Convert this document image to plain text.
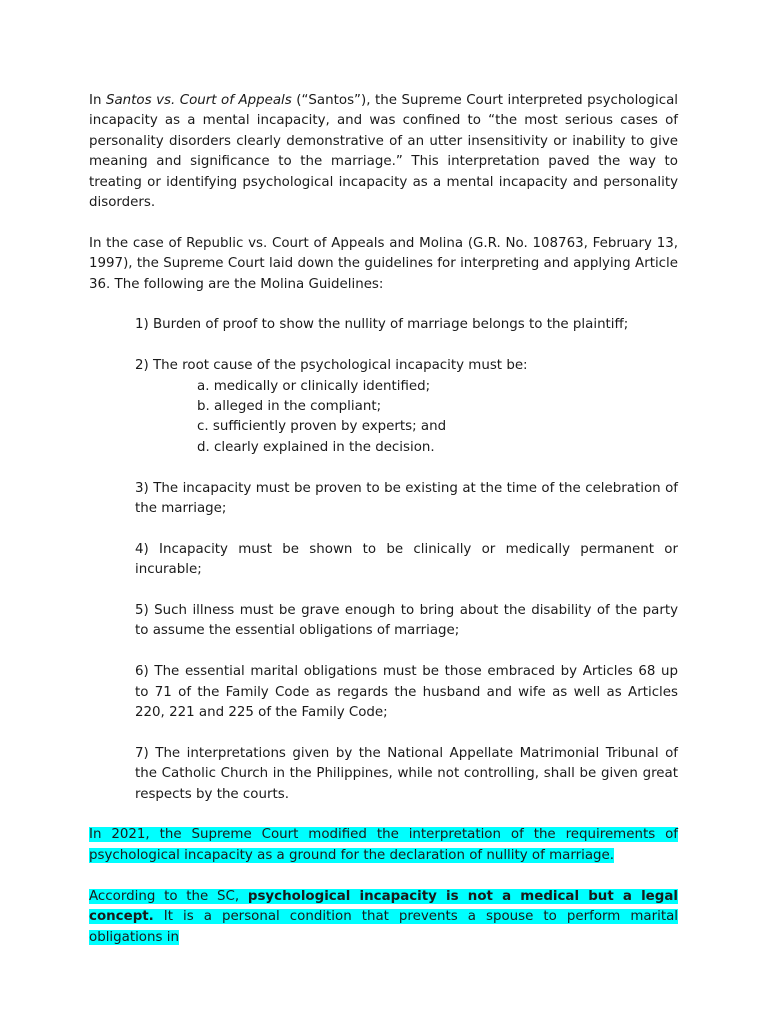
In Santos vs. Court of Appeals (“Santos”), the Supreme Court interpreted psychological incapacity as a mental incapacity, and was confined to “the most serious cases of personality disorders clearly demonstrative of an utter insensitivity or inability to give meaning and significance to the marriage.” This interpretation paved the way to treating or identifying psychological incapacity as a mental incapacity and personality disorders.

In the case of Republic vs. Court of Appeals and Molina (G.R. No. 108763, February 13, 1997), the Supreme Court laid down the guidelines for interpreting and applying Article 36. The following are the Molina Guidelines:

1) Burden of proof to show the nullity of marriage belongs to the plaintiff;

2) The root cause of the psychological incapacity must be:

a. medically or clinically identified;

b. alleged in the compliant;

c. sufficiently proven by experts; and

d. clearly explained in the decision.

3) The incapacity must be proven to be existing at the time of the celebration of the marriage;

4) Incapacity must be shown to be clinically or medically permanent or incurable;

5) Such illness must be grave enough to bring about the disability of the party to assume the essential obligations of marriage;

6) The essential marital obligations must be those embraced by Articles 68 up to 71 of the Family Code as regards the husband and wife as well as Articles 220, 221 and 225 of the Family Code;

7) The interpretations given by the National Appellate Matrimonial Tribunal of the Catholic Church in the Philippines, while not controlling, shall be given great respects by the courts.

In 2021, the Supreme Court modified the interpretation of the requirements of psychological incapacity as a ground for the declaration of nullity of marriage.

According to the SC, psychological incapacity is not a medical but a legal concept. It is a personal condition that prevents a spouse to perform marital obligations in
